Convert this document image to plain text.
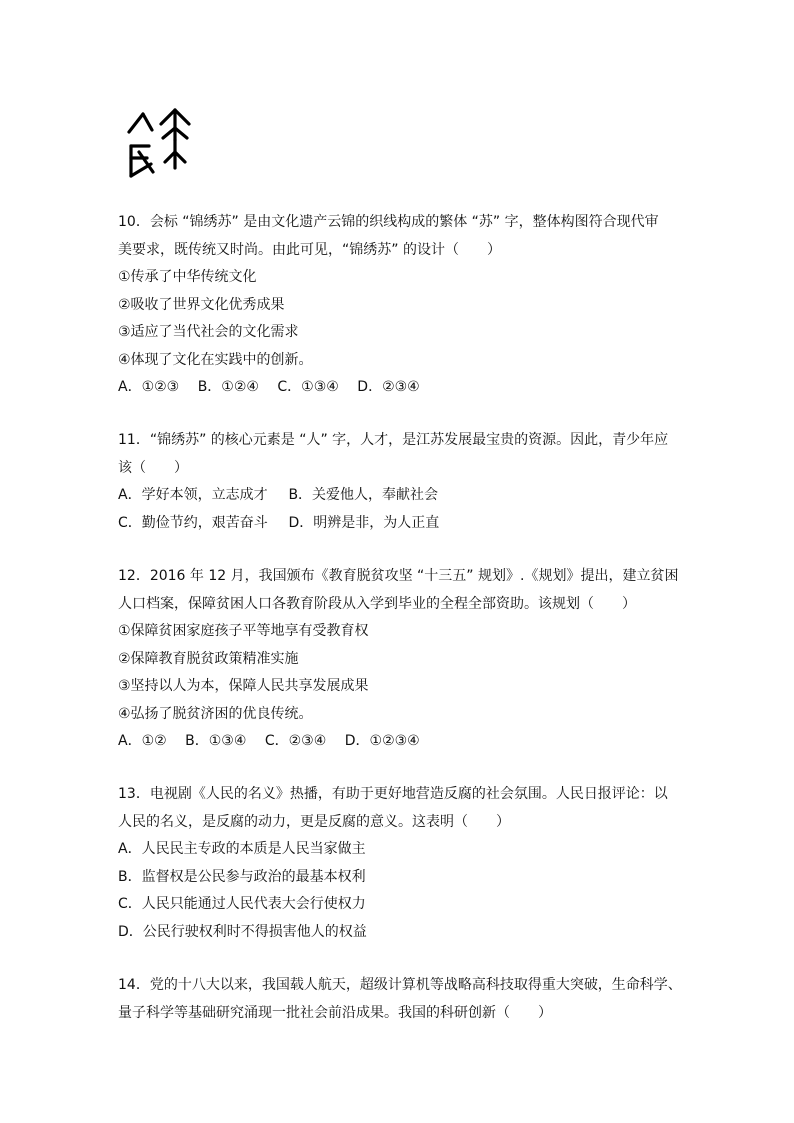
10．会标 “锦绣苏” 是由文化遗产云锦的织线构成的繁体 “苏” 字，整体构图符合现代审
美要求，既传统又时尚。由此可见，“锦绣苏” 的设计（　　）
①传承了中华传统文化
②吸收了世界文化优秀成果
③适应了当代社会的文化需求
④体现了文化在实践中的创新。
A．①②③ B．①②④ C．①③④ D．②③④
11．“锦绣苏” 的核心元素是 “人” 字，人才，是江苏发展最宝贵的资源。因此，青少年应
该（　　）
A．学好本领，立志成才 B．关爱他人，奉献社会
C．勤俭节约，艰苦奋斗 D．明辨是非，为人正直
12．2016 年 12 月，我国颁布《教育脱贫攻坚 “十三五” 规划》.《规划》提出，建立贫困
人口档案，保障贫困人口各教育阶段从入学到毕业的全程全部资助。该规划（　　）
①保障贫困家庭孩子平等地享有受教育权
②保障教育脱贫政策精准实施
③坚持以人为本，保障人民共享发展成果
④弘扬了脱贫济困的优良传统。
A．①② B．①③④ C．②③④ D．①②③④
13．电视剧《人民的名义》热播，有助于更好地营造反腐的社会氛围。人民日报评论：以
人民的名义，是反腐的动力，更是反腐的意义。这表明（　　）
A．人民民主专政的本质是人民当家做主
B．监督权是公民参与政治的最基本权利
C．人民只能通过人民代表大会行使权力
D．公民行驶权利时不得损害他人的权益
14．党的十八大以来，我国载人航天，超级计算机等战略高科技取得重大突破，生命科学、
量子科学等基础研究涌现一批社会前沿成果。我国的科研创新（　　）
